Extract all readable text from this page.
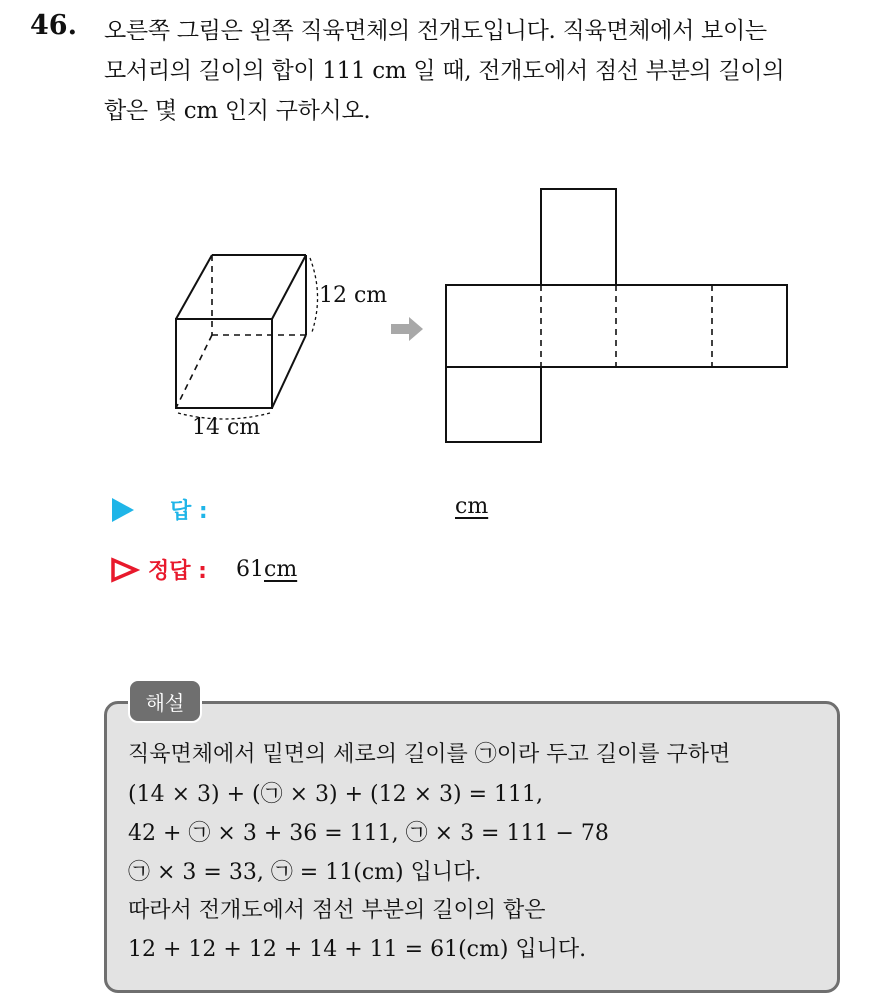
46. 오른쪽 그림은 왼쪽 직육면체의 전개도입니다. 직육면체에서 보이는
모서리의 길이의 합이 111 cm 일 때, 전개도에서 점선 부분의 길이의
합은 몇 cm 인지 구하시오.
12 cm
14 cm
답 :	cm
정답 : 61 cm
해설
직육면체에서 밑면의 세로의 길이를 ㉠이라 두고 길이를 구하면
(14 × 3) + (㉠ × 3) + (12 × 3) = 111,
42 + ㉠ × 3 + 36 = 111, ㉠ × 3 = 111 − 78
㉠ × 3 = 33, ㉠ = 11(cm) 입니다.
따라서 전개도에서 점선 부분의 길이의 합은
12 + 12 + 12 + 14 + 11 = 61(cm) 입니다.
